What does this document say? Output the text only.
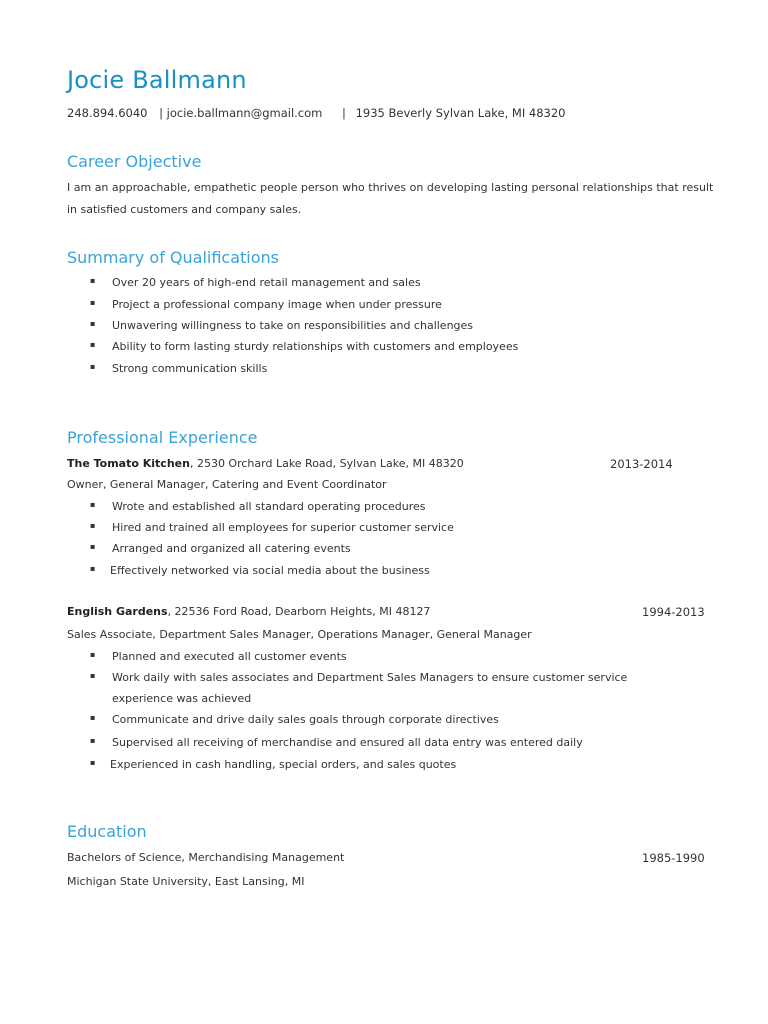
Jocie Ballmann
248.894.6040 | jocie.ballmann@gmail.com | 1935 Beverly Sylvan Lake, MI 48320
Career Objective
I am an approachable, empathetic people person who thrives on developing lasting personal relationships that result
in satisfied customers and company sales.
Summary of Qualifications
▪ Over 20 years of high-end retail management and sales
▪ Project a professional company image when under pressure
▪ Unwavering willingness to take on responsibilities and challenges
▪ Ability to form lasting sturdy relationships with customers and employees
▪ Strong communication skills
Professional Experience
The Tomato Kitchen, 2530 Orchard Lake Road, Sylvan Lake, MI 48320	2013-2014
Owner, General Manager, Catering and Event Coordinator
▪ Wrote and established all standard operating procedures
▪ Hired and trained all employees for superior customer service
▪ Arranged and organized all catering events
▪ Effectively networked via social media about the business
English Gardens, 22536 Ford Road, Dearborn Heights, MI 48127	1994-2013
Sales Associate, Department Sales Manager, Operations Manager, General Manager
▪ Planned and executed all customer events
▪ Work daily with sales associates and Department Sales Managers to ensure customer service
experience was achieved
▪ Communicate and drive daily sales goals through corporate directives
▪ Supervised all receiving of merchandise and ensured all data entry was entered daily
▪ Experienced in cash handling, special orders, and sales quotes
Education
Bachelors of Science, Merchandising Management	1985-1990
Michigan State University, East Lansing, MI
